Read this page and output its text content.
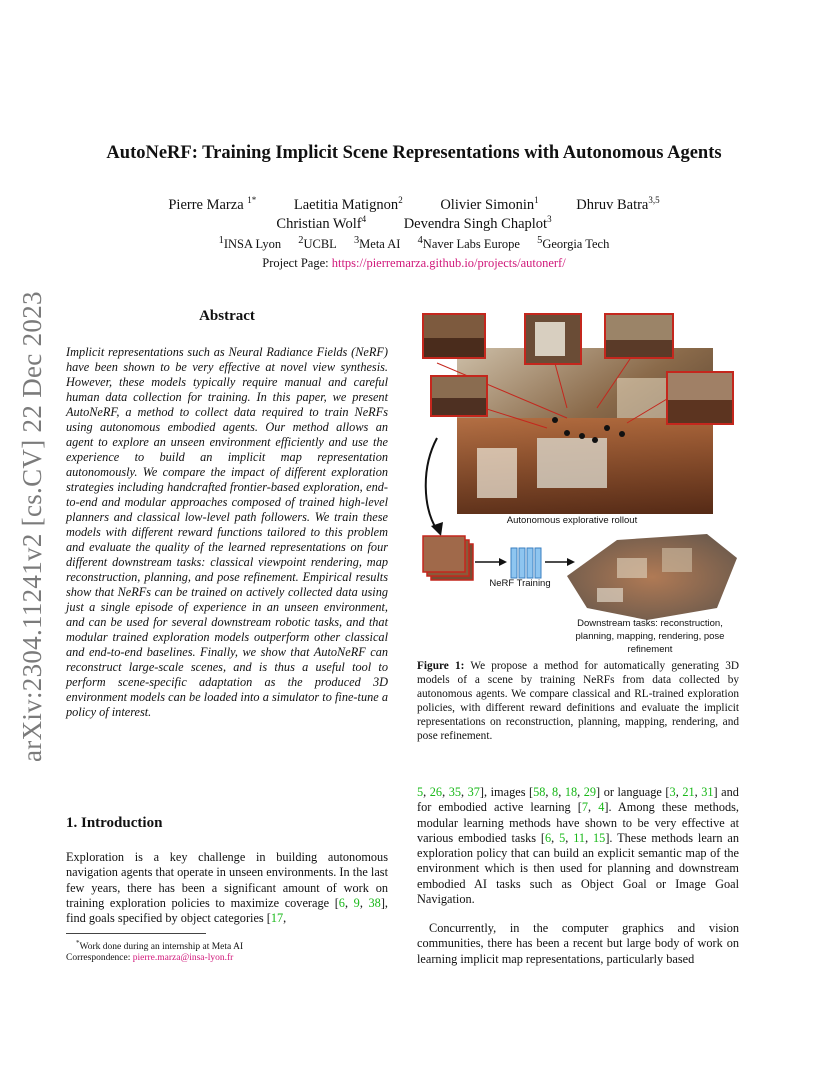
AutoNeRF: Training Implicit Scene Representations with Autonomous Agents
Pierre Marza $^{1*}$	Laetitia Matignon$^2$	Olivier Simonin$^1$	Dhruv Batra$^{3,5}$
Christian Wolf$^4$	Devendra Singh Chaplot$^3$
$^1$INSA Lyon $^2$UCBL $^3$Meta AI $^4$Naver Labs Europe $^5$Georgia Tech
Project Page: https://pierremarza.github.io/projects/autonerf/
arXiv:2304.11241v2 [cs.CV] 22 Dec 2023	Abstract
Implicit representations such as Neural Radiance Fields (NeRF) have been shown to be very effective at novel view synthesis. However, these models typically require manual and careful human data collection for training. In this paper, we present AutoNeRF, a method to collect data required to train NeRFs using autonomous embodied agents. Our method allows an agent to explore an unseen environment efficiently and use the experience to build an implicit map representation autonomously. We compare the impact of different exploration strategies including handcrafted frontier-based exploration, end-to-end and modular approaches composed of trained high-level planners and classical low-level path followers. We train these models with different reward functions tailored to this problem and evaluate the quality of the learned representations on four different downstream tasks: classical viewpoint rendering, map reconstruction, planning, and pose refinement. Empirical results show that NeRFs can be trained on actively collected data using just a single episode of experience in an unseen environment, and can be used for several downstream robotic tasks, and that modular trained exploration models outperform other classical and end-to-end baselines. Finally, we show that AutoNeRF can reconstruct large-scale scenes, and is thus a useful tool to perform scene-specific adaptation as the produced 3D environment models can be loaded into a simulator to fine-tune a policy of interest.
1. Introduction
Exploration is a key challenge in building autonomous navigation agents that operate in unseen environments. In the last few years, there has been a significant amount of work on training exploration policies to maximize coverage [6, 9, 38], find goals specified by object categories [17,
*Work done during an internship at Meta AI
Correspondence: pierre.marza@insa-lyon.fr
Autonomous explorative rollout
NeRF Training
Downstream tasks: reconstruction, planning, mapping, rendering, pose refinement
Figure 1: We propose a method for automatically generating 3D models of a scene by training NeRFs from data collected by autonomous agents. We compare classical and RL-trained exploration policies, with different reward definitions and evaluate the implicit representations on reconstruction, planning, mapping, rendering, and pose refinement.
5, 26, 35, 37], images [58, 8, 18, 29] or language [3, 21, 31] and for embodied active learning [7, 4]. Among these methods, modular learning methods have shown to be very effective at various embodied tasks [6, 5, 11, 15]. These methods learn an exploration policy that can build an explicit semantic map of the environment which is then used for planning and downstream embodied AI tasks such as Object Goal or Image Goal Navigation.
Concurrently, in the computer graphics and vision communities, there has been a recent but large body of work on learning implicit map representations, particularly based
